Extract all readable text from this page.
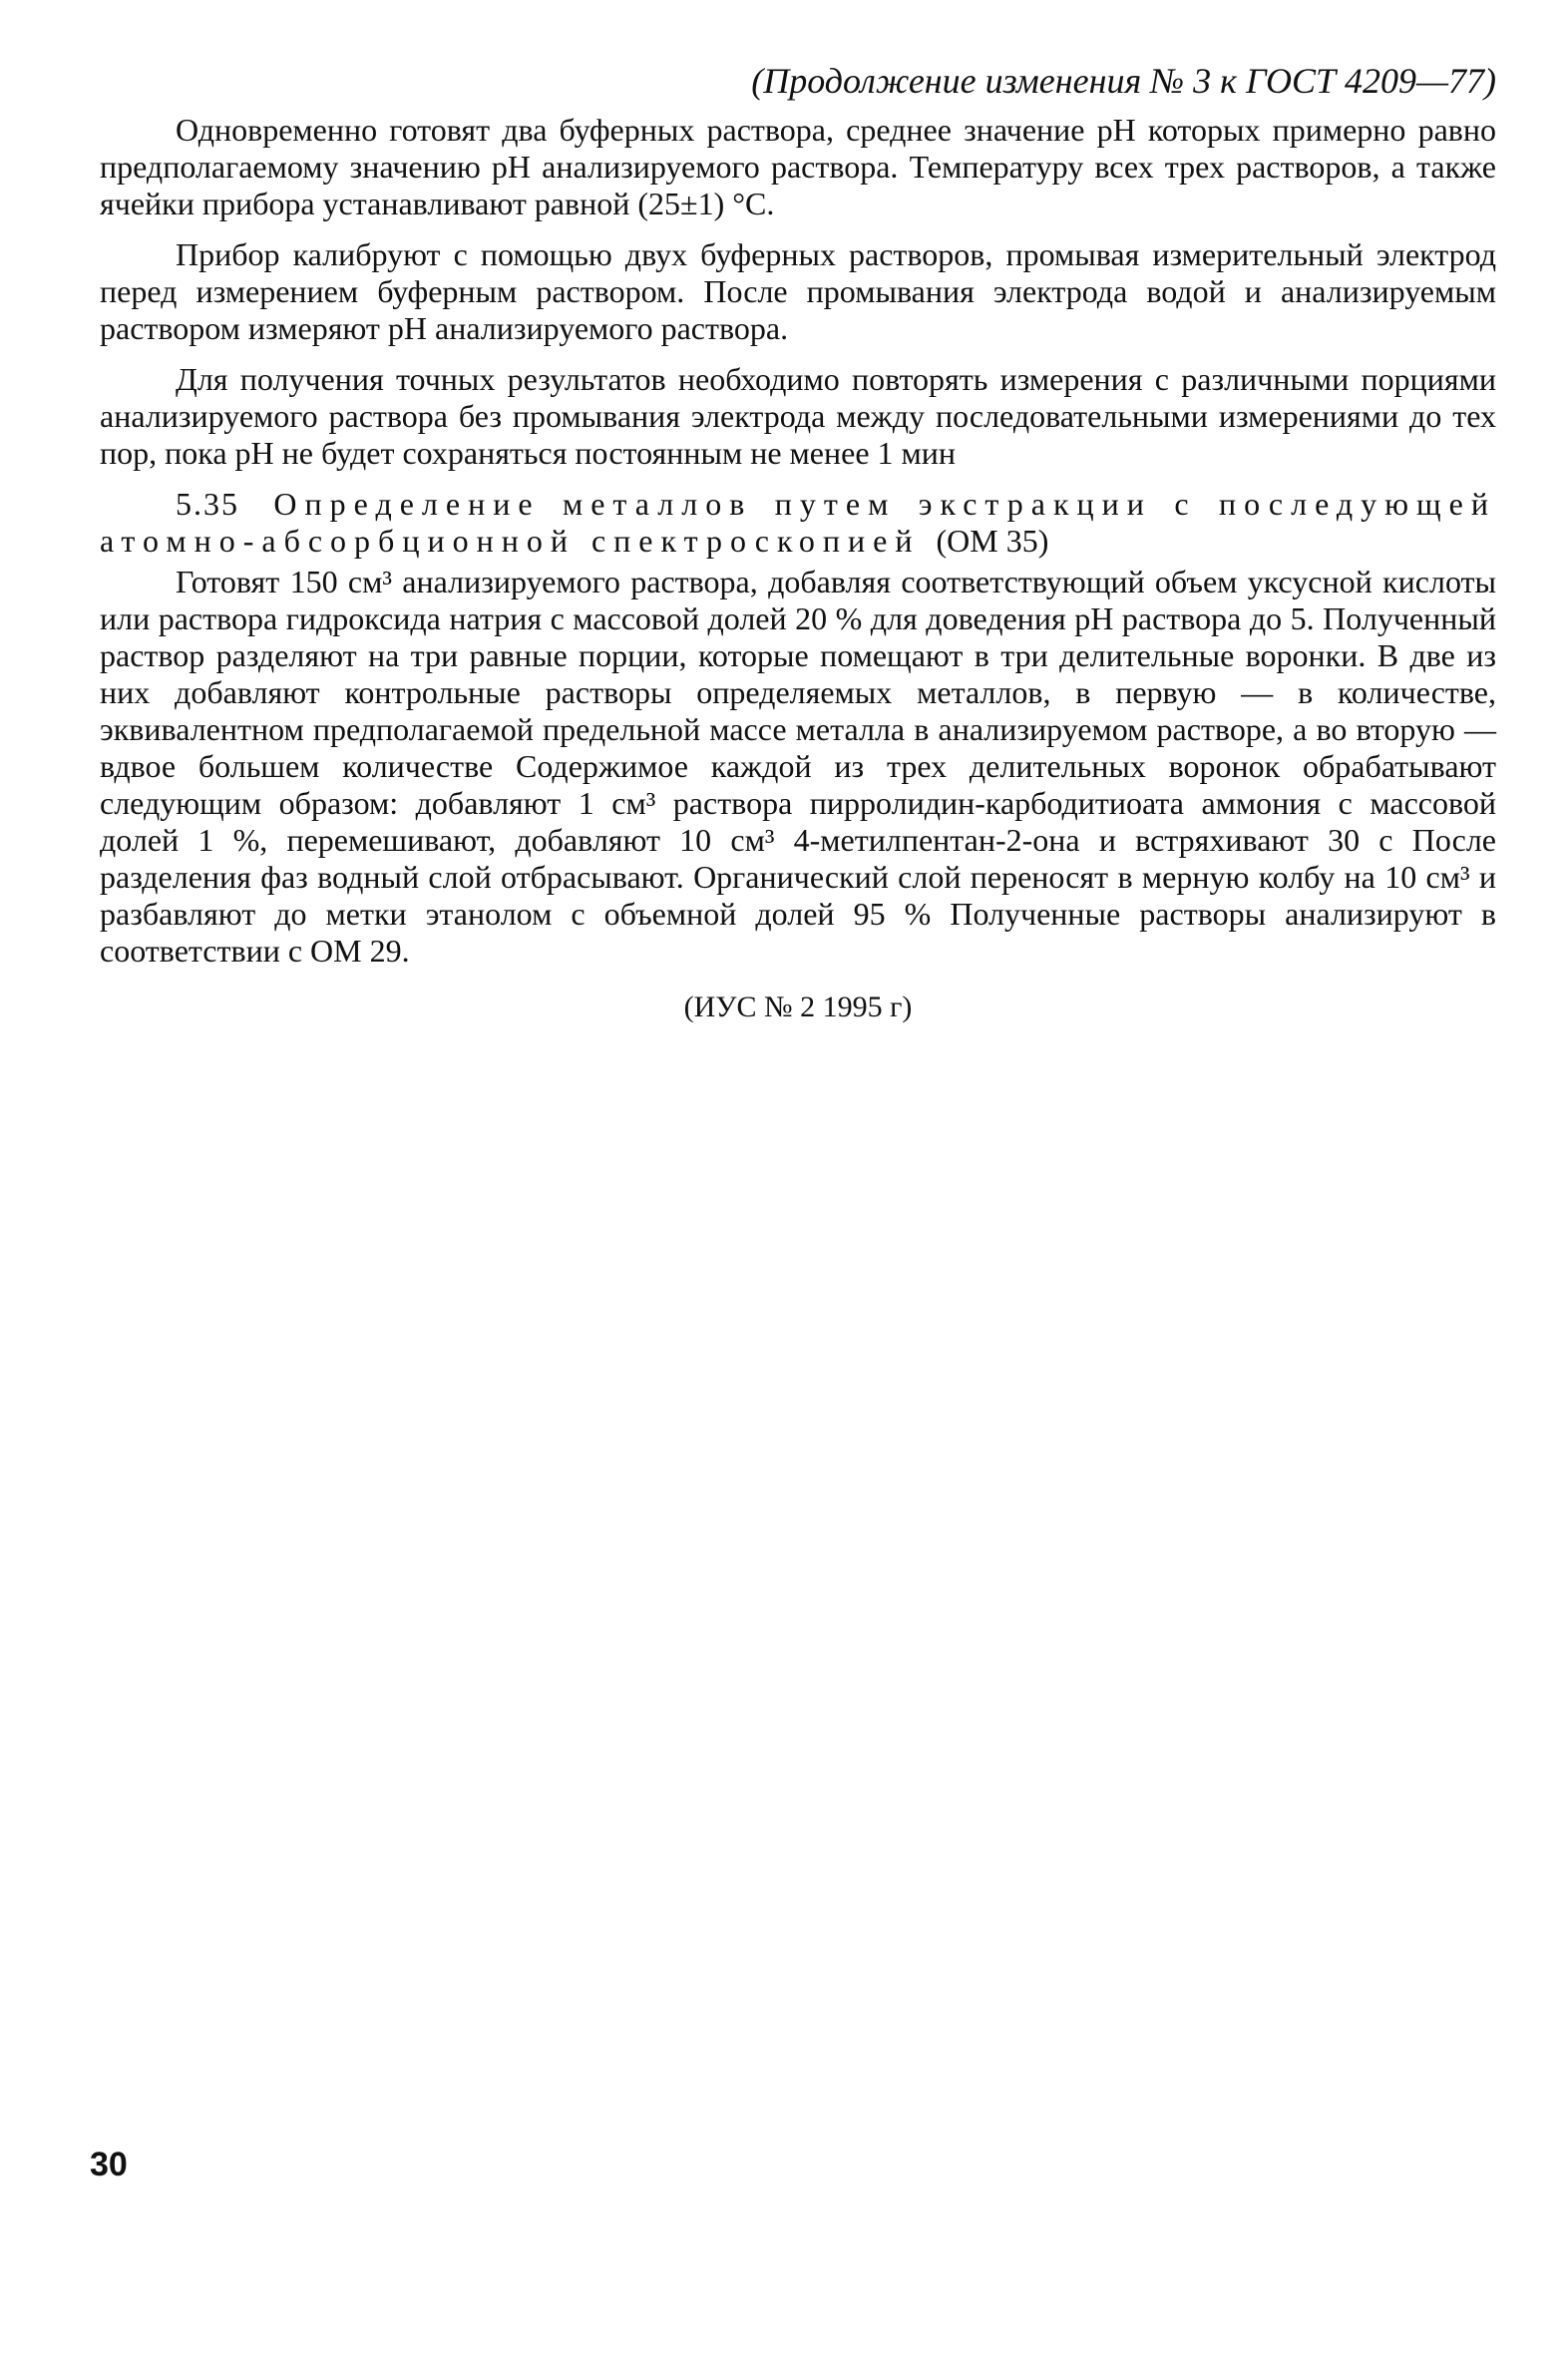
(Продолжение изменения № 3 к ГОСТ 4209—77)

Одновременно готовят два буферных раствора, среднее значение pH которых примерно равно предполагаемому значению pH анализируемого раствора. Температуру всех трех растворов, а также ячейки прибора устанавливают равной (25±1) °С.

Прибор калибруют с помощью двух буферных растворов, промывая измерительный электрод перед измерением буферным раствором. После промывания электрода водой и анализируемым раствором измеряют pH анализируемого раствора.

Для получения точных результатов необходимо повторять измерения с различными порциями анализируемого раствора без промывания электрода между последовательными измерениями до тех пор, пока pH не будет сохраняться постоянным не менее 1 мин

5.35 Определение металлов путем экстракции с последующей атомно-абсорбционной спектроскопией (ОМ 35)

Готовят 150 см³ анализируемого раствора, добавляя соответствующий объем уксусной кислоты или раствора гидроксида натрия с массовой долей 20 % для доведения pH раствора до 5. Полученный раствор разделяют на три равные порции, которые помещают в три делительные воронки. В две из них добавляют контрольные растворы определяемых металлов, в первую — в количестве, эквивалентном предполагаемой предельной массе металла в анализируемом растворе, а во вторую — вдвое большем количестве Содержимое каждой из трех делительных воронок обрабатывают следующим образом: добавляют 1 см³ раствора пирролидин-карбодитиоата аммония с массовой долей 1 %, перемешивают, добавляют 10 см³ 4-метилпентан-2-она и встряхивают 30 с После разделения фаз водный слой отбрасывают. Органический слой переносят в мерную колбу на 10 см³ и разбавляют до метки этанолом с объемной долей 95 % Полученные растворы анализируют в соответствии с ОМ 29.

(ИУС № 2 1995 г)
30
